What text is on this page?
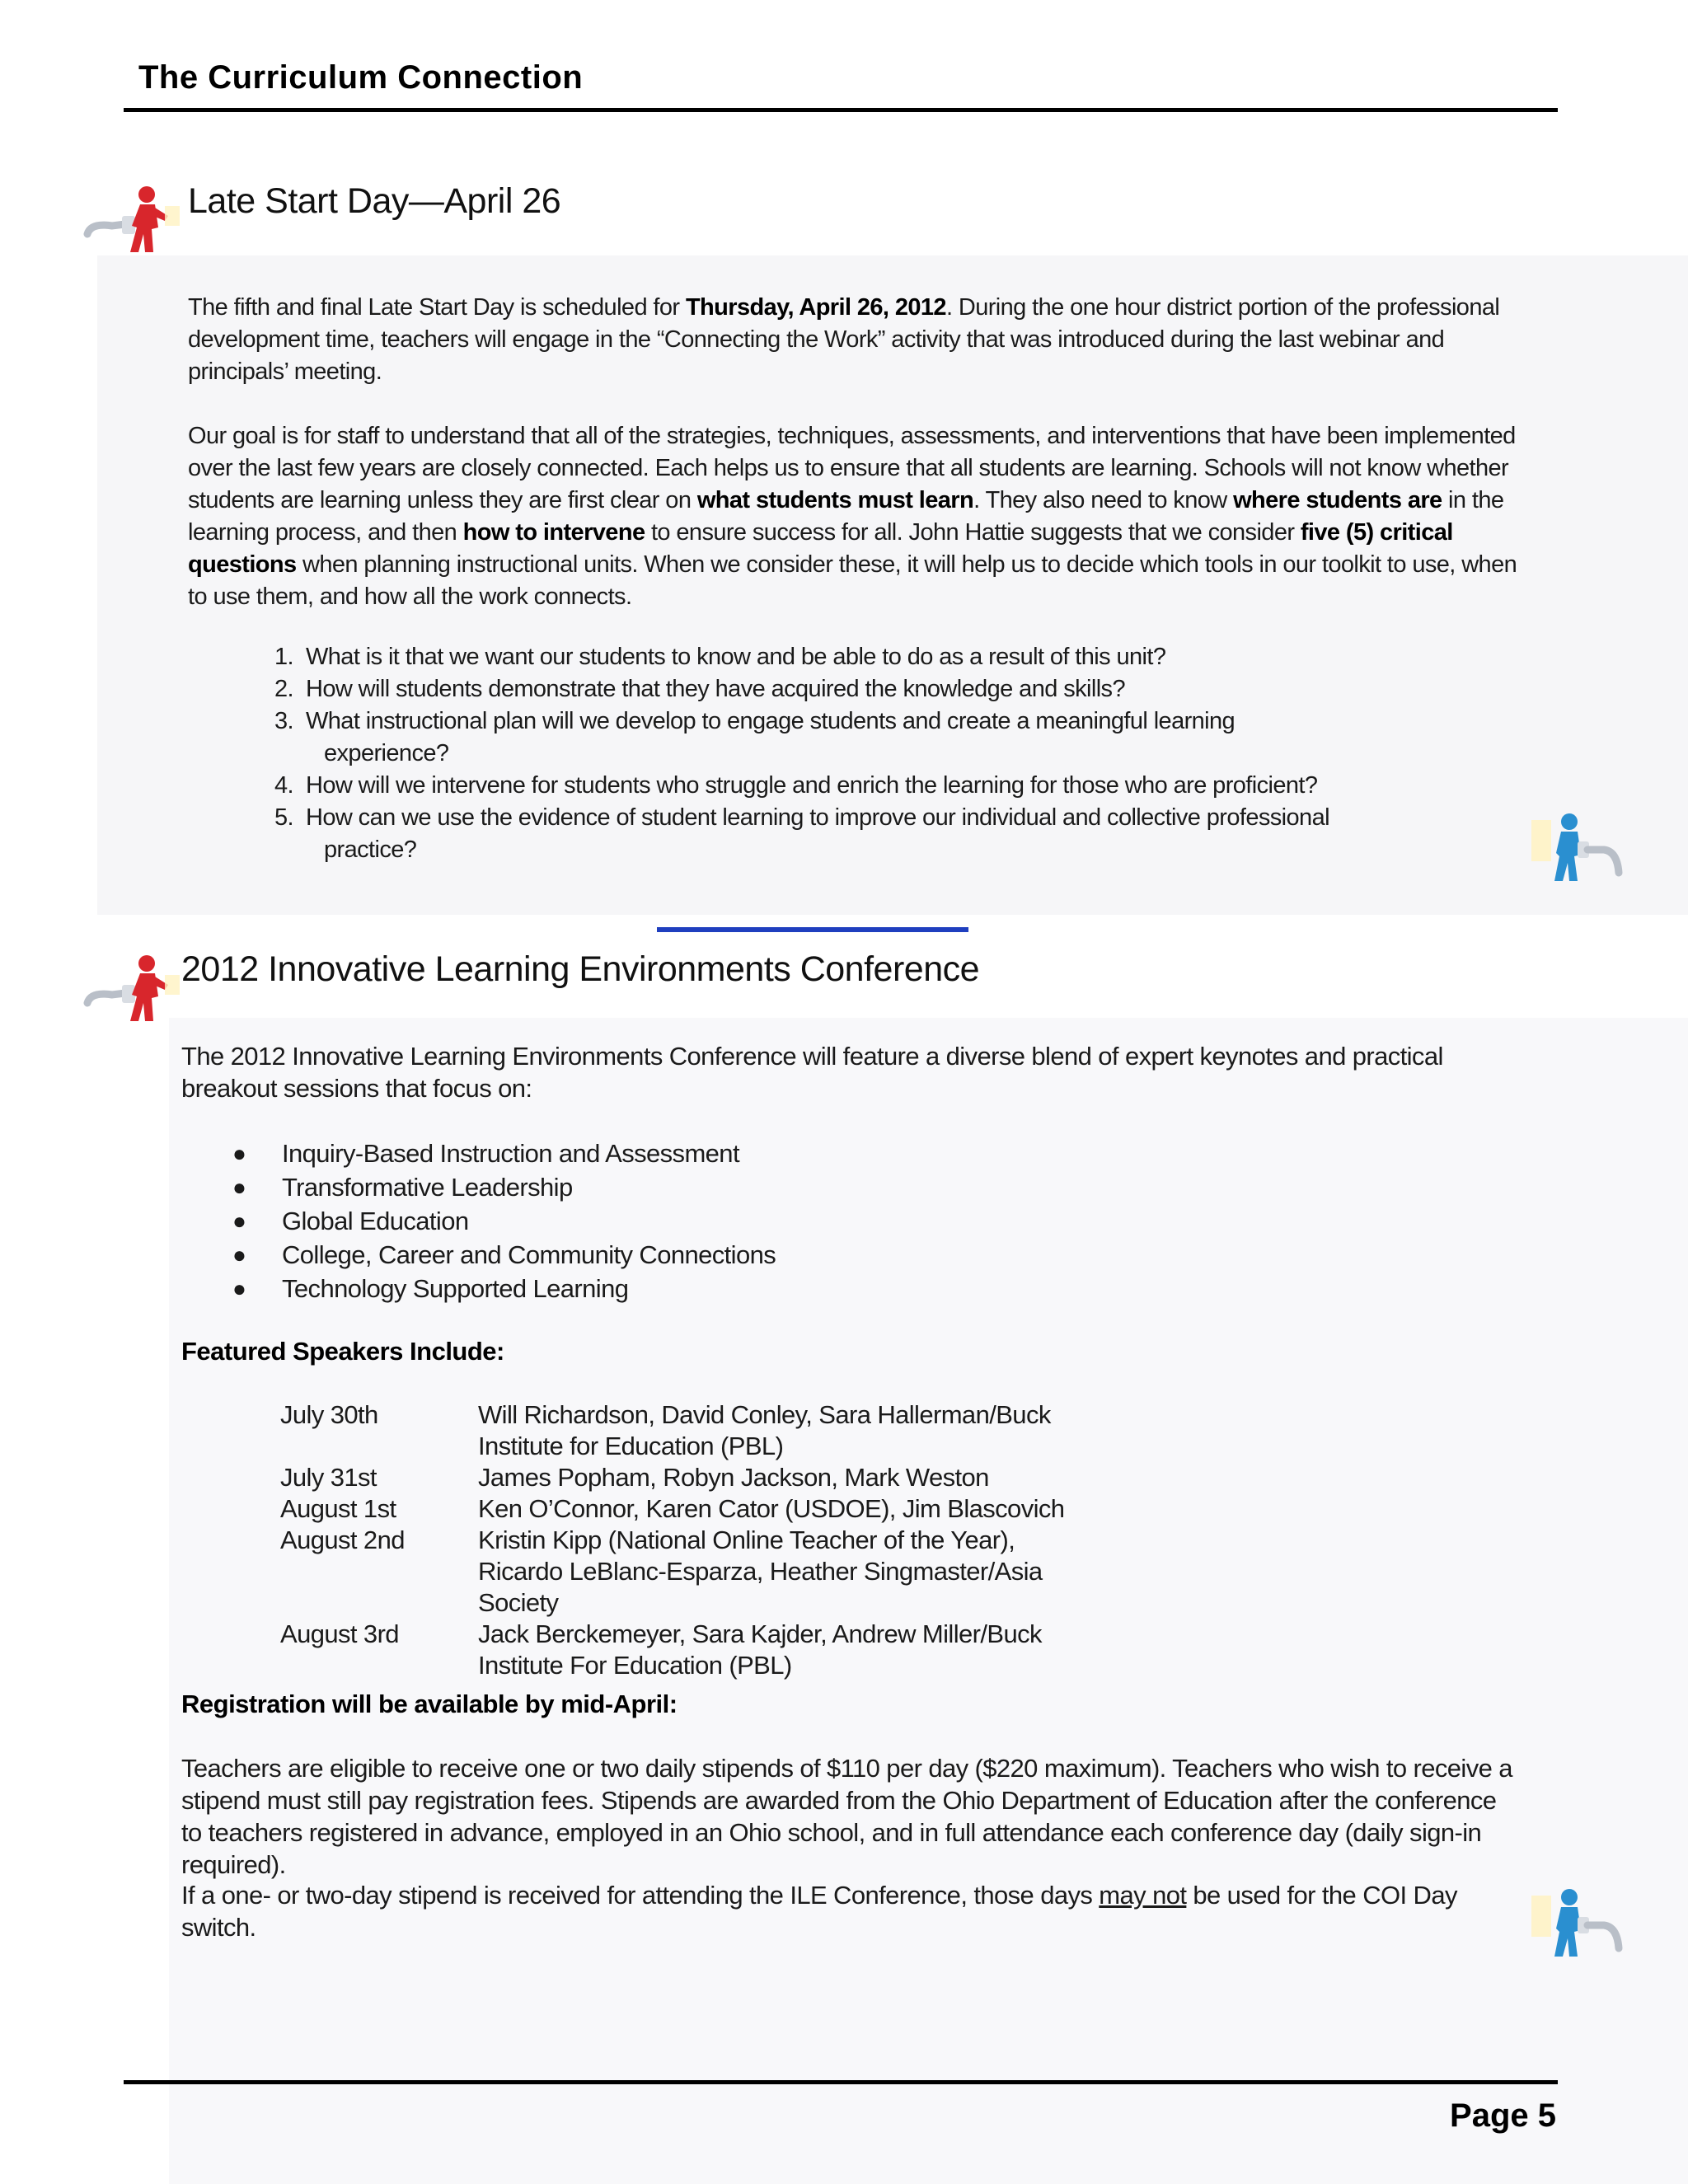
The Curriculum Connection
Late Start Day—April 26
The fifth and final Late Start Day is scheduled for Thursday, April 26, 2012. During the one hour district portion of the professional development time, teachers will engage in the “Connecting the Work” activity that was introduced during the last webinar and principals’ meeting.
Our goal is for staff to understand that all of the strategies, techniques, assessments, and interventions that have been implemented over the last few years are closely connected. Each helps us to ensure that all students are learning. Schools will not know whether students are learning unless they are first clear on what students must learn. They also need to know where students are in the learning process, and then how to intervene to ensure success for all. John Hattie suggests that we consider five (5) critical questions when planning instructional units. When we consider these, it will help us to decide which tools in our toolkit to use, when to use them, and how all the work connects.
1. What is it that we want our students to know and be able to do as a result of this unit?
2. How will students demonstrate that they have acquired the knowledge and skills?
3. What instructional plan will we develop to engage students and create a meaningful learning
experience?
4. How will we intervene for students who struggle and enrich the learning for those who are proficient?
5. How can we use the evidence of student learning to improve our individual and collective professional
practice?
2012 Innovative Learning Environments Conference
The 2012 Innovative Learning Environments Conference will feature a diverse blend of expert keynotes and practical breakout sessions that focus on:
● Inquiry-Based Instruction and Assessment
● Transformative Leadership
● Global Education
● College, Career and Community Connections
● Technology Supported Learning
Featured Speakers Include:
July 30th	Will Richardson, David Conley, Sara Hallerman/Buck Institute for Education (PBL)
July 31st	James Popham, Robyn Jackson, Mark Weston
August 1st	Ken O’Connor, Karen Cator (USDOE), Jim Blascovich
August 2nd	Kristin Kipp (National Online Teacher of the Year), Ricardo LeBlanc-Esparza, Heather Singmaster/Asia Society
August 3rd	Jack Berckemeyer, Sara Kajder, Andrew Miller/Buck Institute For Education (PBL)
Registration will be available by mid-April:
Teachers are eligible to receive one or two daily stipends of $110 per day ($220 maximum). Teachers who wish to receive a stipend must still pay registration fees. Stipends are awarded from the Ohio Department of Education after the conference to teachers registered in advance, employed in an Ohio school, and in full attendance each conference day (daily sign-in required).
If a one- or two-day stipend is received for attending the ILE Conference, those days may not be used for the COI Day switch.
Page 5
